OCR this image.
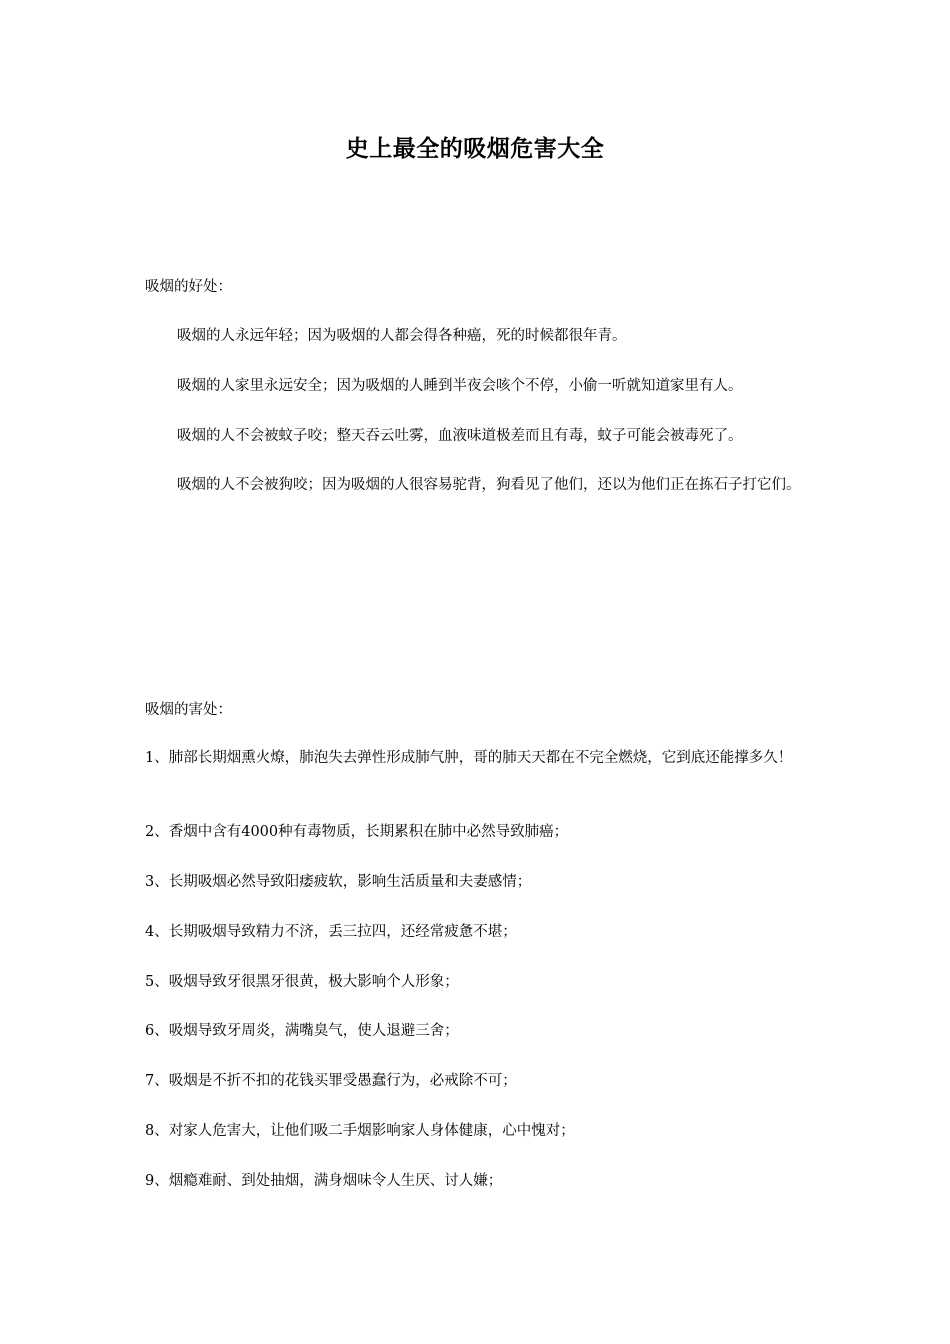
史上最全的吸烟危害大全
吸烟的好处：
吸烟的人永远年轻；因为吸烟的人都会得各种癌，死的时候都很年青。
吸烟的人家里永远安全；因为吸烟的人睡到半夜会咳个不停，小偷一听就知道家里有人。
吸烟的人不会被蚊子咬；整天吞云吐雾，血液味道极差而且有毒，蚊子可能会被毒死了。
吸烟的人不会被狗咬；因为吸烟的人很容易驼背，狗看见了他们，还以为他们正在拣石子打它们。
吸烟的害处：
1、肺部长期烟熏火燎，肺泡失去弹性形成肺气肿，哥的肺天天都在不完全燃烧，它到底还能撑多久！
2、香烟中含有4000种有毒物质，长期累积在肺中必然导致肺癌；
3、长期吸烟必然导致阳痿疲软，影响生活质量和夫妻感情；
4、长期吸烟导致精力不济，丢三拉四，还经常疲惫不堪；
5、吸烟导致牙很黑牙很黄，极大影响个人形象；
6、吸烟导致牙周炎，满嘴臭气，使人退避三舍；
7、吸烟是不折不扣的花钱买罪受愚蠢行为，必戒除不可；
8、对家人危害大，让他们吸二手烟影响家人身体健康，心中愧对；
9、烟瘾难耐、到处抽烟，满身烟味令人生厌、讨人嫌；
